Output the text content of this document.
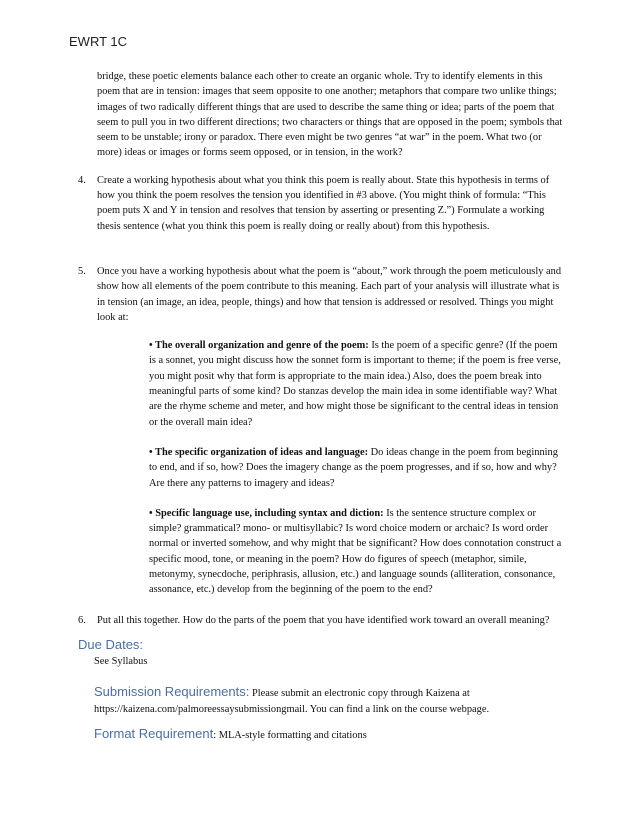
EWRT 1C

bridge, these poetic elements balance each other to create an organic whole. Try to identify elements in this poem that are in tension: images that seem opposite to one another; metaphors that compare two unlike things; images of two radically different things that are used to describe the same thing or idea; parts of the poem that seem to pull you in two different directions; two characters or things that are opposed in the poem; symbols that seem to be unstable; irony or paradox. There even might be two genres “at war” in the poem. What two (or more) ideas or images or forms seem opposed, or in tension, in the work?

4.	Create a working hypothesis about what you think this poem is really about. State this hypothesis in terms of how you think the poem resolves the tension you identified in #3 above. (You might think of formula: “This poem puts X and Y in tension and resolves that tension by asserting or presenting Z.”) Formulate a working thesis sentence (what you think this poem is really doing or really about) from this hypothesis.
5.	Once you have a working hypothesis about what the poem is “about,” work through the poem meticulously and show how all elements of the poem contribute to this meaning. Each part of your analysis will illustrate what is in tension (an image, an idea, people, things) and how that tension is addressed or resolved. Things you might look at:

• The overall organization and genre of the poem: Is the poem of a specific genre? (If the poem is a sonnet, you might discuss how the sonnet form is important to theme; if the poem is free verse, you might posit why that form is appropriate to the main idea.) Also, does the poem break into meaningful parts of some kind? Do stanzas develop the main idea in some identifiable way? What are the rhyme scheme and meter, and how might those be significant to the central ideas in tension or the overall main idea?

• The specific organization of ideas and language: Do ideas change in the poem from beginning to end, and if so, how? Does the imagery change as the poem progresses, and if so, how and why? Are there any patterns to imagery and ideas?

• Specific language use, including syntax and diction: Is the sentence structure complex or simple? grammatical? mono- or multisyllabic? Is word choice modern or archaic? Is word order normal or inverted somehow, and why might that be significant? How does connotation construct a specific mood, tone, or meaning in the poem? How do figures of speech (metaphor, simile, metonymy, synecdoche, periphrasis, allusion, etc.) and language sounds (alliteration, consonance, assonance, etc.) develop from the beginning of the poem to the end?

6.	Put all this together. How do the parts of the poem that you have identified work toward an overall meaning?
Due Dates:

See Syllabus

Submission Requirements: Please submit an electronic copy through Kaizena at https://kaizena.com/palmoreessaysubmissiongmail. You can find a link on the course webpage.

Format Requirement: MLA-style formatting and citations
